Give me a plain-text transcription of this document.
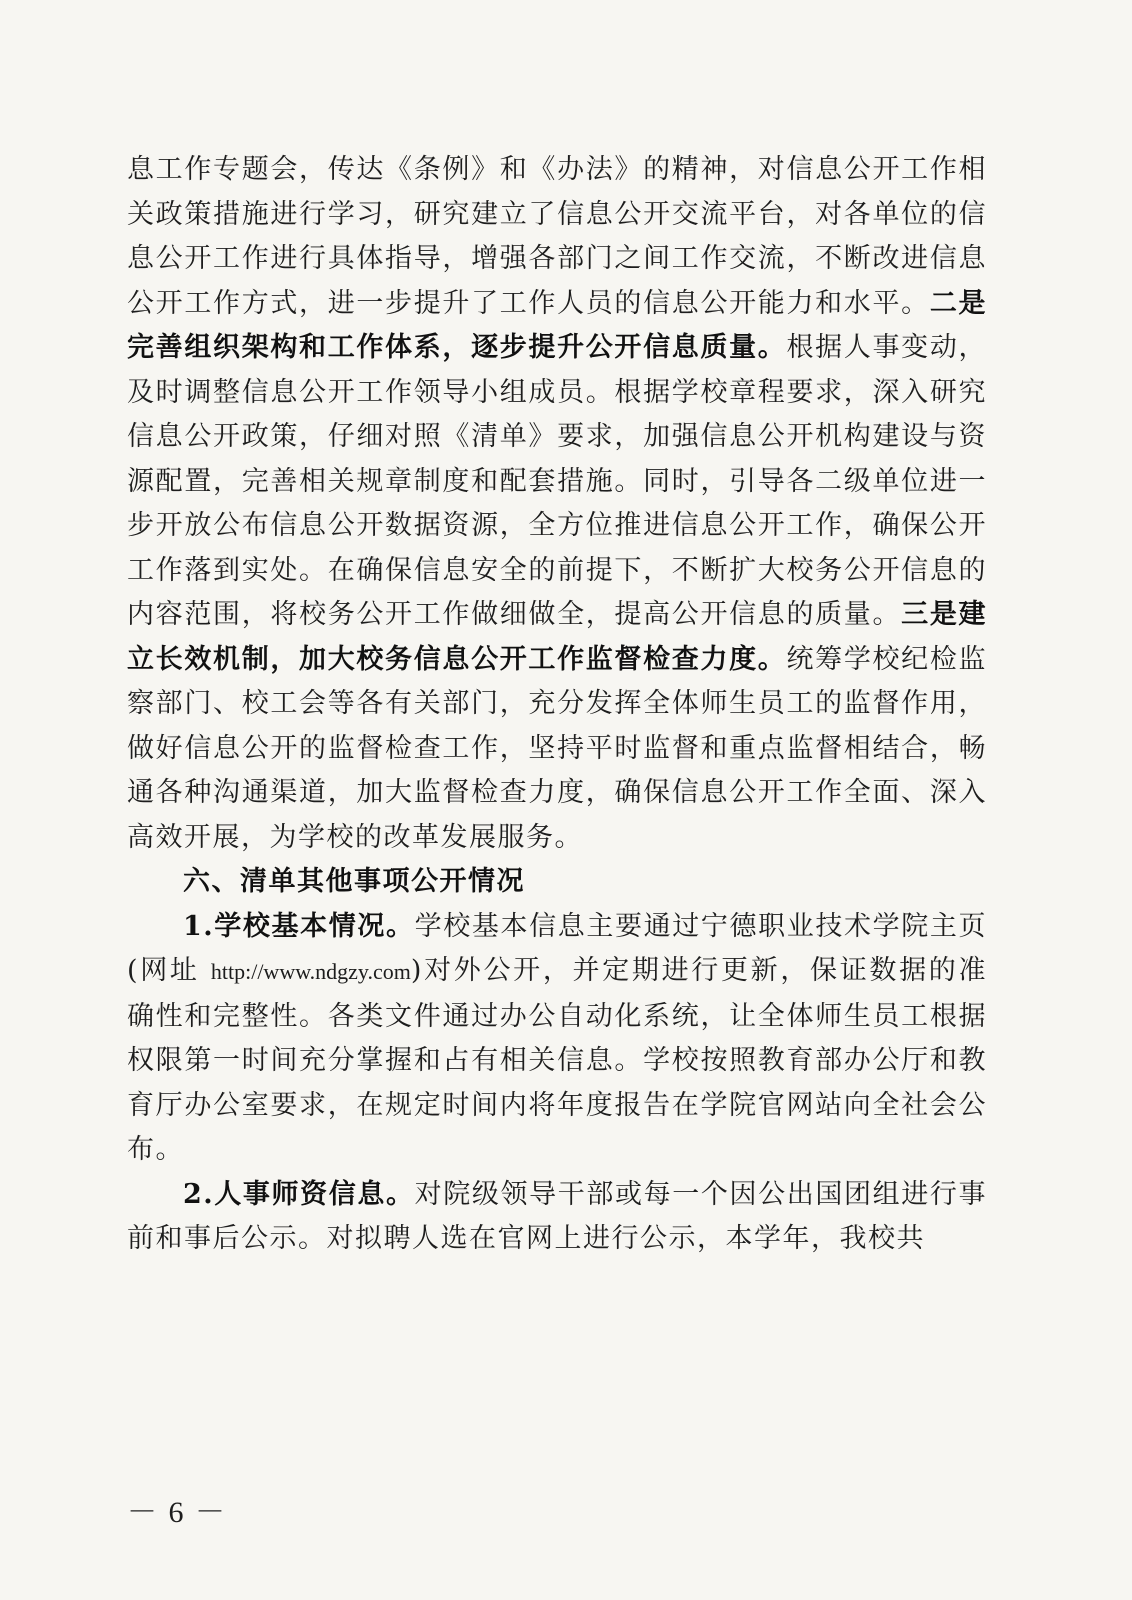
息工作专题会，传达《条例》和《办法》的精神，对信息公开工作相关政策措施进行学习，研究建立了信息公开交流平台，对各单位的信息公开工作进行具体指导，增强各部门之间工作交流，不断改进信息公开工作方式，进一步提升了工作人员的信息公开能力和水平。二是完善组织架构和工作体系，逐步提升公开信息质量。根据人事变动，及时调整信息公开工作领导小组成员。根据学校章程要求，深入研究信息公开政策，仔细对照《清单》要求，加强信息公开机构建设与资源配置，完善相关规章制度和配套措施。同时，引导各二级单位进一步开放公布信息公开数据资源，全方位推进信息公开工作，确保公开工作落到实处。在确保信息安全的前提下，不断扩大校务公开信息的内容范围，将校务公开工作做细做全，提高公开信息的质量。三是建立长效机制，加大校务信息公开工作监督检查力度。统筹学校纪检监察部门、校工会等各有关部门，充分发挥全体师生员工的监督作用，做好信息公开的监督检查工作，坚持平时监督和重点监督相结合，畅通各种沟通渠道，加大监督检查力度，确保信息公开工作全面、深入高效开展，为学校的改革发展服务。

六、清单其他事项公开情况

1.学校基本情况。学校基本信息主要通过宁德职业技术学院主页(网址 http://www.ndgzy.com)对外公开，并定期进行更新，保证数据的准确性和完整性。各类文件通过办公自动化系统，让全体师生员工根据权限第一时间充分掌握和占有相关信息。学校按照教育部办公厅和教育厅办公室要求，在规定时间内将年度报告在学院官网站向全社会公布。

2.人事师资信息。对院级领导干部或每一个因公出国团组进行事前和事后公示。对拟聘人选在官网上进行公示，本学年，我校共

－ 6 －
